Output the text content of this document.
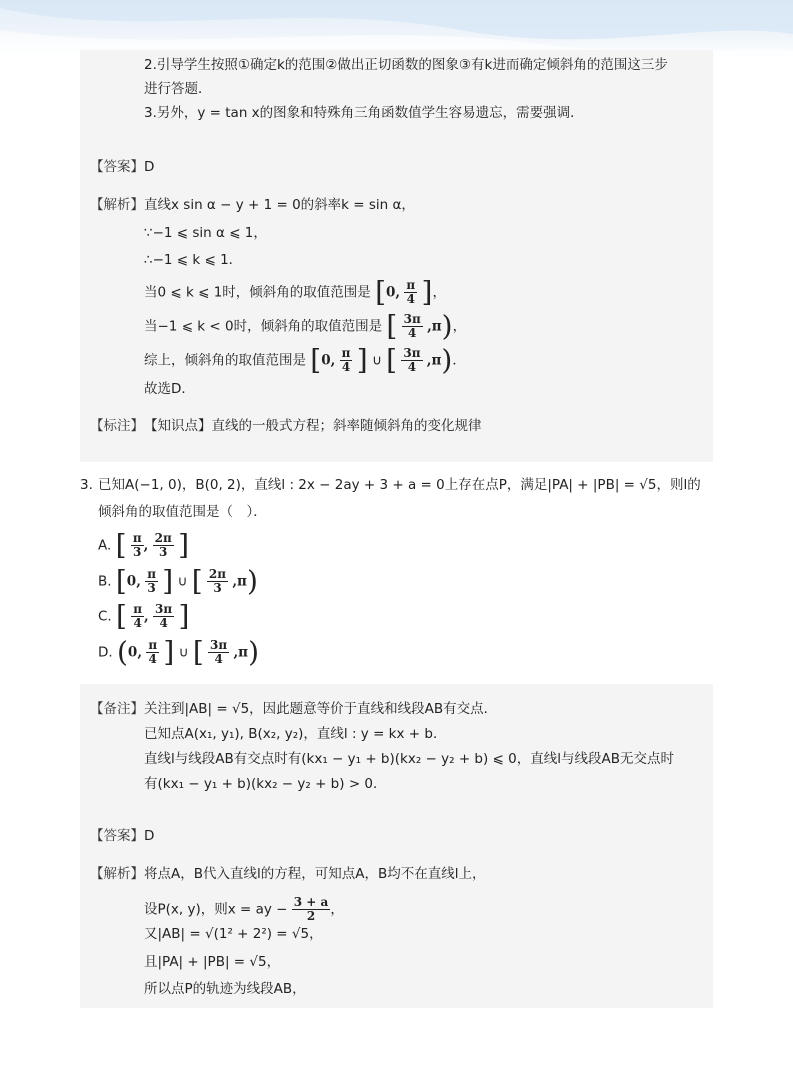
2.引导学生按照①确定k的范围②做出正切函数的图象③有k进而确定倾斜角的范围这三步
进行答题．
3.另外，y = tan x的图象和特殊角三角函数值学生容易遗忘，需要强调．
【答案】 D
【解析】 直线x sin α − y + 1 = 0的斜率k = sin α，
∵−1 ⩽ sin α ⩽ 1，
∴−1 ⩽ k ⩽ 1．
当0 ⩽ k ⩽ 1时，倾斜角的取值范围是 [0, $\frac{\pi}{4}$ ]，
当−1 ⩽ k < 0时，倾斜角的取值范围是 [ $\frac{3\pi}{4} ,\pi$)，
综上，倾斜角的取值范围是 [0, $\frac{\pi}{4}$ ] ∪ [ $\frac{3\pi}{4} ,\pi$)．
故选D．
【标注】 【知识点】直线的一般式方程；斜率随倾斜角的变化规律
3. 已知A(−1, 0)，B(0, 2)，直线l : 2x − 2ay + 3 + a = 0上存在点P，满足|PA| + |PB| = √5，则l的
倾斜角的取值范围是（　）．
A. [ $\frac{\pi}{3}$ , $\frac{2\pi}{3}$ ]
B. [0, $\frac{\pi}{3}$ ] ∪ [ $\frac{2\pi}{3} ,\pi$)
C. [ $\frac{\pi}{4}$ , $\frac{3\pi}{4}$ ]
D. (0, $\frac{\pi}{4}$ ] ∪ [ $\frac{3\pi}{4} ,\pi$)
【备注】 关注到|AB| = √5，因此题意等价于直线和线段AB有交点．
已知点A(x₁, y₁), B(x₂, y₂)，直线l : y = kx + b．
直线l与线段AB有交点时有(kx₁ − y₁ + b)(kx₂ − y₂ + b) ⩽ 0，直线l与线段AB无交点时
有(kx₁ − y₁ + b)(kx₂ − y₂ + b) > 0．
【答案】 D
【解析】 将点A，B代入直线l的方程，可知点A，B均不在直线l上，
设P(x, y)，则x = ay − $\frac{3 + a}{2}$ ，
又|AB| = √(1² + 2²) = √5，
且|PA| + |PB| = √5，
所以点P的轨迹为线段AB，
